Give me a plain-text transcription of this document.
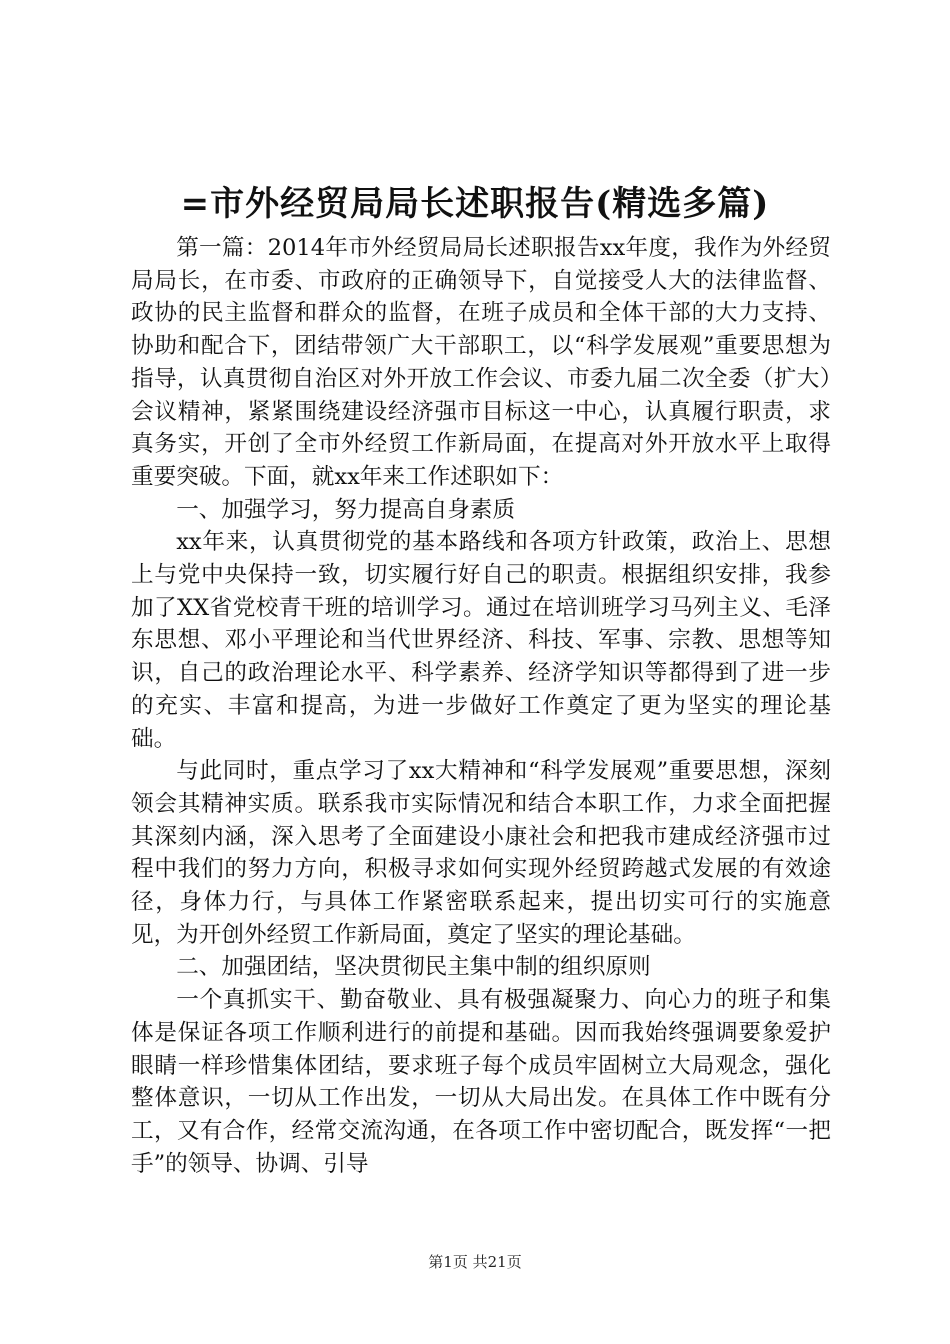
=市外经贸局局长述职报告(精选多篇)

第一篇：2014年市外经贸局局长述职报告xx年度，我作为外经贸局局长，在市委、市政府的正确领导下，自觉接受人大的法律监督、政协的民主监督和群众的监督，在班子成员和全体干部的大力支持、协助和配合下，团结带领广大干部职工，以“科学发展观”重要思想为指导，认真贯彻自治区对外开放工作会议、市委九届二次全委（扩大）会议精神，紧紧围绕建设经济强市目标这一中心，认真履行职责，求真务实，开创了全市外经贸工作新局面，在提高对外开放水平上取得重要突破。下面，就xx年来工作述职如下：

一、加强学习，努力提高自身素质

xx年来，认真贯彻党的基本路线和各项方针政策，政治上、思想上与党中央保持一致，切实履行好自己的职责。根据组织安排，我参加了XX省党校青干班的培训学习。通过在培训班学习马列主义、毛泽东思想、邓小平理论和当代世界经济、科技、军事、宗教、思想等知识，自己的政治理论水平、科学素养、经济学知识等都得到了进一步的充实、丰富和提高，为进一步做好工作奠定了更为坚实的理论基础。

与此同时，重点学习了xx大精神和“科学发展观”重要思想，深刻领会其精神实质。联系我市实际情况和结合本职工作，力求全面把握其深刻内涵，深入思考了全面建设小康社会和把我市建成经济强市过程中我们的努力方向，积极寻求如何实现外经贸跨越式发展的有效途径，身体力行，与具体工作紧密联系起来，提出切实可行的实施意见，为开创外经贸工作新局面，奠定了坚实的理论基础。

二、加强团结，坚决贯彻民主集中制的组织原则

一个真抓实干、勤奋敬业、具有极强凝聚力、向心力的班子和集体是保证各项工作顺利进行的前提和基础。因而我始终强调要象爱护眼睛一样珍惜集体团结，要求班子每个成员牢固树立大局观念，强化整体意识，一切从工作出发，一切从大局出发。在具体工作中既有分工，又有合作，经常交流沟通，在各项工作中密切配合，既发挥“一把手”的领导、协调、引导

第1页 共21页
